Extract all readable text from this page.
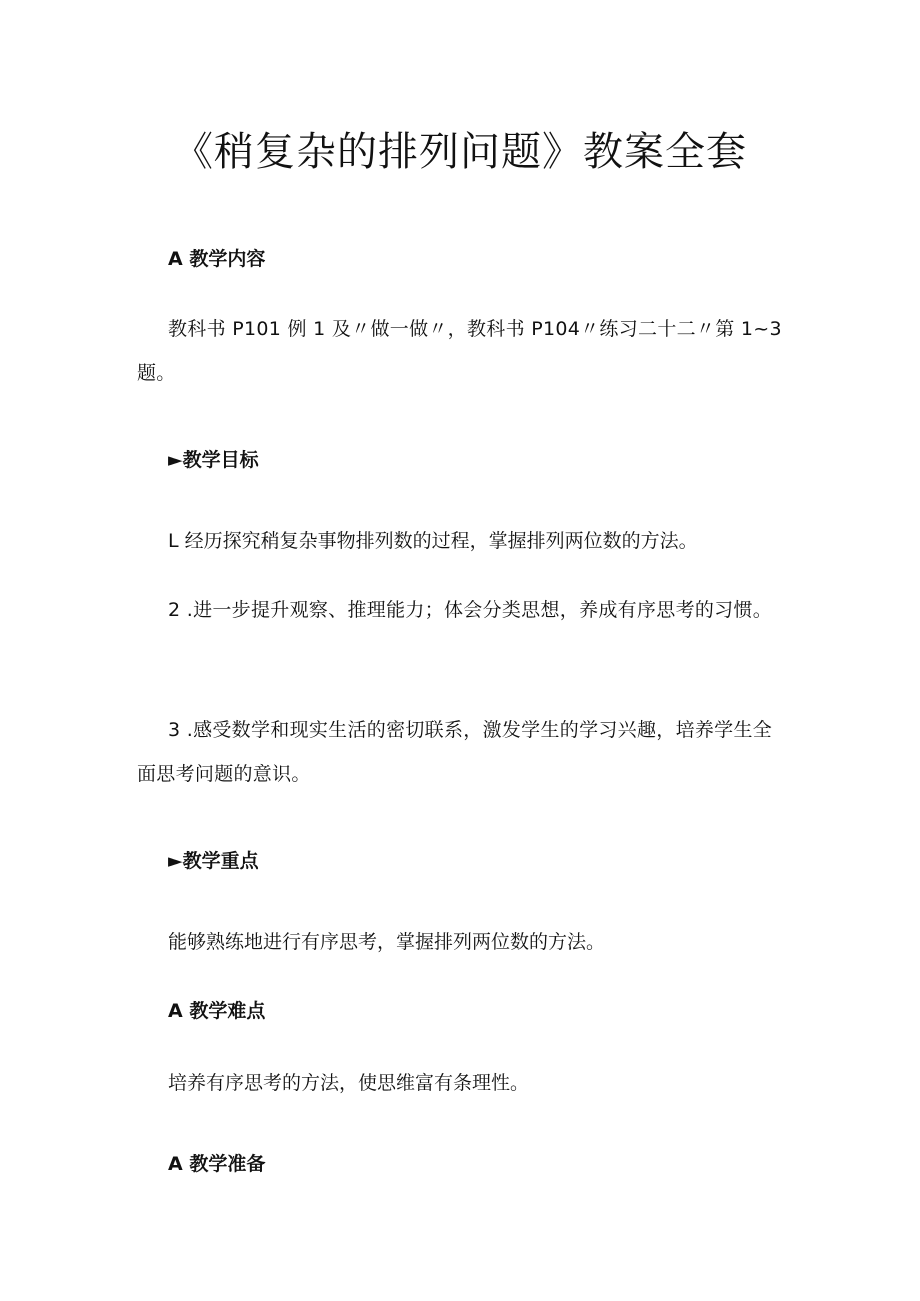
《稍复杂的排列问题》教案全套
A 教学内容

教科书 P101 例 1 及〃做一做〃，教科书 P104〃练习二十二〃第 1~3 题。

►教学目标

L 经历探究稍复杂事物排列数的过程，掌握排列两位数的方法。

2 .进一步提升观察、推理能力；体会分类思想，养成有序思考的习惯。

3 .感受数学和现实生活的密切联系，激发学生的学习兴趣，培养学生全面思考问题的意识。

►教学重点

能够熟练地进行有序思考，掌握排列两位数的方法。

A 教学难点

培养有序思考的方法，使思维富有条理性。

A 教学准备
